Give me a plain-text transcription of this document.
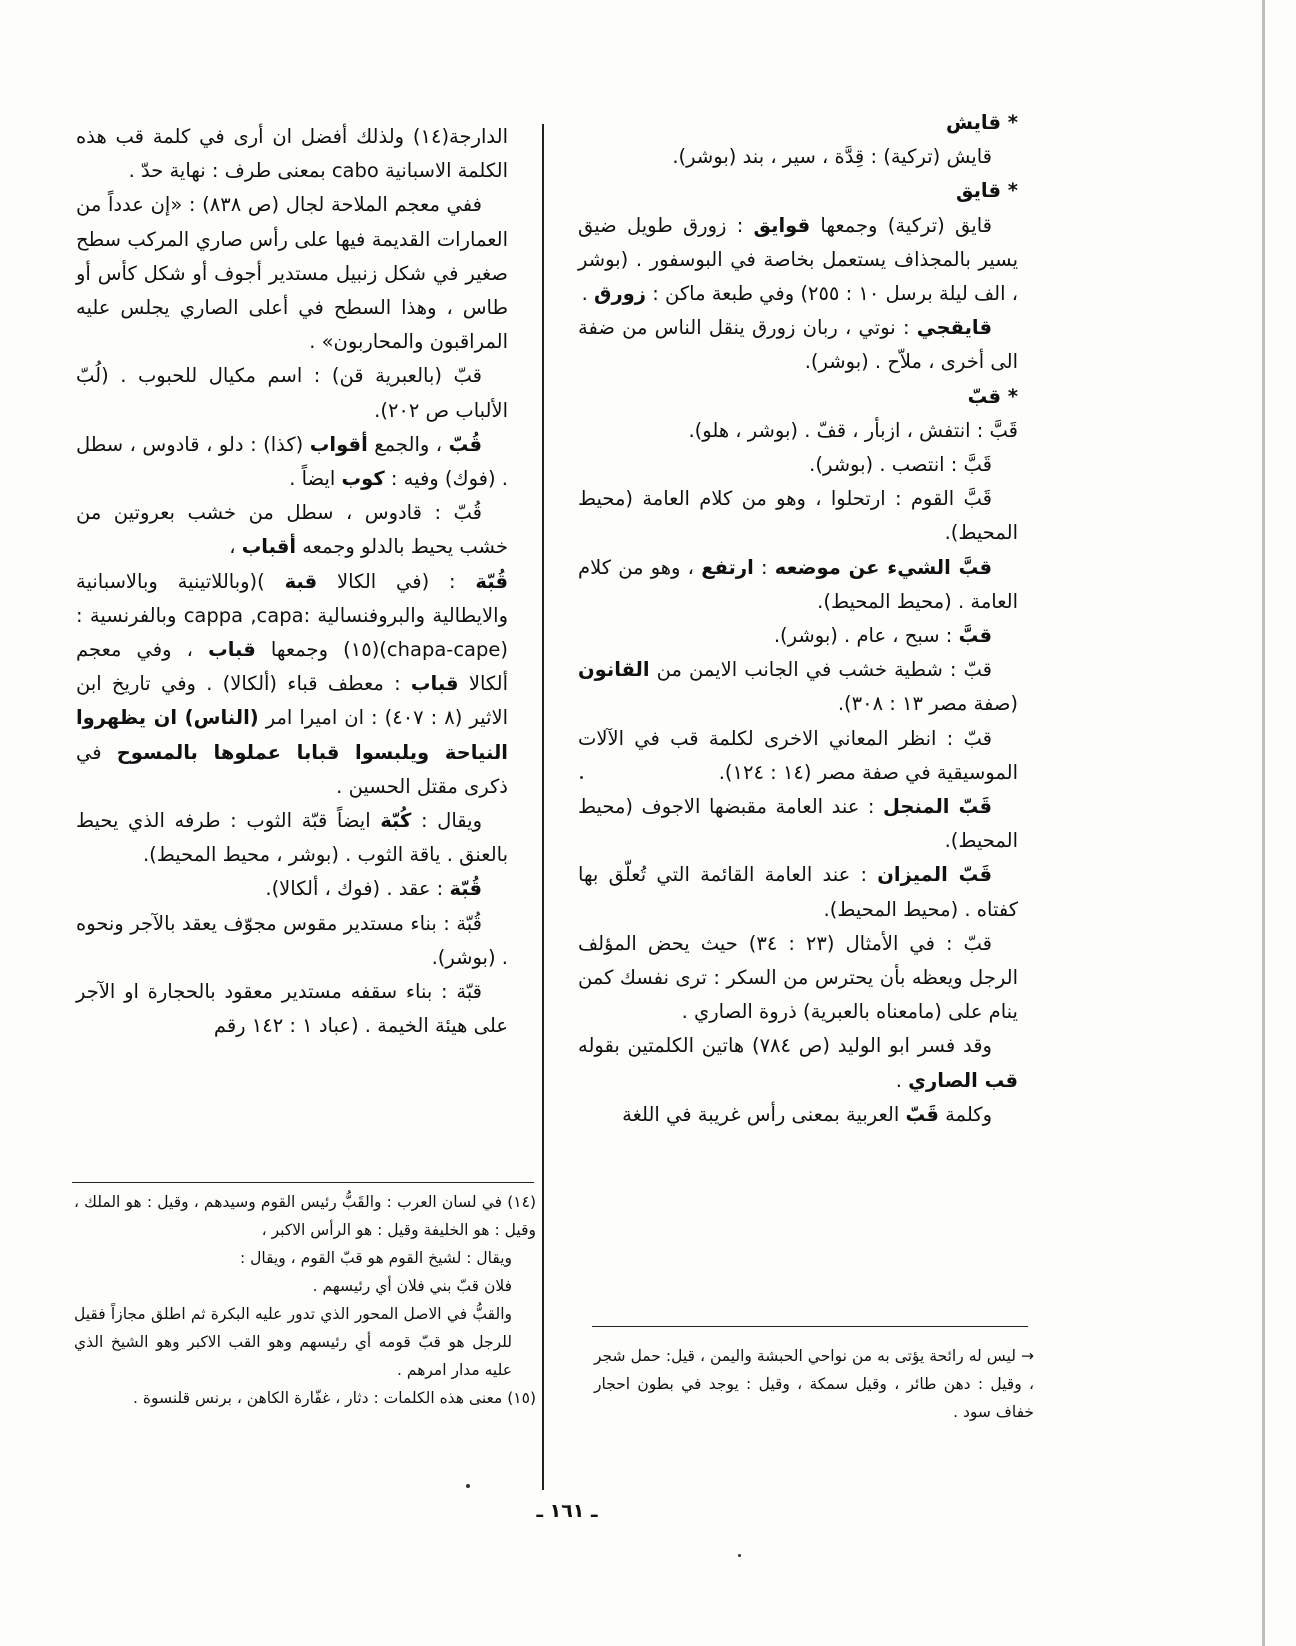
* قايش

قايش (تركية) : قِدَّة ، سير ، بند (بوشر).

* قايق

قايق (تركية) وجمعها قوايق : زورق طويل ضيق يسير بالمجذاف يستعمل بخاصة في البوسفور . (بوشر ، الف ليلة برسل ١٠ : ٢٥٥) وفي طبعة ماكن : زورق .

قايقجي : نوتي ، ربان زورق ينقل الناس من ضفة الى أخرى ، ملاّح . (بوشر).

* قبّ

قَبَّ : انتفش ، ازبأر ، قفّ . (بوشر ، هلو).

قَبَّ : انتصب . (بوشر).

قَبَّ القوم : ارتحلوا ، وهو من كلام العامة (محيط المحيط).

قبَّ الشيء عن موضعه : ارتفع ، وهو من كلام العامة . (محيط المحيط).

قبَّ : سبح ، عام . (بوشر).

قبّ : شطية خشب في الجانب الايمن من القانون (صفة مصر ١٣ : ٣٠٨).

قبّ : انظر المعاني الاخرى لكلمة قب في الآلات الموسيقية في صفة مصر (١٤ : ١٢٤).

قَبّ المنجل : عند العامة مقبضها الاجوف (محيط المحيط).

قَبّ الميزان : عند العامة القائمة التي تُعلّق بها كفتاه . (محيط المحيط).

قبّ : في الأمثال (٢٣ : ٣٤) حيث يحض المؤلف الرجل ويعظه بأن يحترس من السكر : ترى نفسك كمن ينام على (مامعناه بالعبرية) ذروة الصاري .

وقد فسر ابو الوليد (ص ٧٨٤) هاتين الكلمتين بقوله قب الصاري .

وكلمة قَبّ العربية بمعنى رأس غريبة في اللغة

الدارجة(١٤) ولذلك أفضل ان أرى في كلمة قب هذه الكلمة الاسبانية cabo بمعنى طرف : نهاية حدّ .

ففي معجم الملاحة لجال (ص ٨٣٨) : «إن عدداً من العمارات القديمة فيها على رأس صاري المركب سطح صغير في شكل زنبيل مستدير أجوف أو شكل كأس أو طاس ، وهذا السطح في أعلى الصاري يجلس عليه المراقبون والمحاربون» .

قبّ (بالعبرية قن) : اسم مكيال للحبوب . (لُبّ الألباب ص ٢٠٢).

قُبّ ، والجمع أقواب (كذا) : دلو ، قادوس ، سطل . (فوك) وفيه : كوب ايضاً .

قُبّ : قادوس ، سطل من خشب بعروتين من خشب يحيط بالدلو وجمعه أقباب ،

قُبّة : (في الكالا قبة )(وباللاتينية وبالاسبانية والايطالية والبروفنسالية :cappa ,capa وبالفرنسية : (chapa-cape)(١٥) وجمعها قباب ، وفي معجم ألكالا قباب : معطف قباء (ألكالا) . وفي تاريخ ابن الاثير (٨ : ٤٠٧) : ان اميرا امر (الناس) ان يظهروا النياحة ويلبسوا قبابا عملوها بالمسوح في ذكرى مقتل الحسين .

ويقال : كُبّة ايضاً قبّة الثوب : طرفه الذي يحيط بالعنق . ياقة الثوب . (بوشر ، محيط المحيط).

قُبّة : عقد . (فوك ، ألكالا).

قُبّة : بناء مستدير مقوس مجوّف يعقد بالآجر ونحوه . (بوشر).

قبّة : بناء سقفه مستدير معقود بالحجارة او الآجر على هيئة الخيمة . (عباد ١ : ١٤٢ رقم

(١٤) في لسان العرب : والقَبُّ رئيس القوم وسيدهم ، وقيل : هو الملك ، وقيل : هو الخليفة وقيل : هو الرأس الاكبر ،

ويقال : لشيخ القوم هو قبّ القوم ، ويقال :

فلان قبّ بني فلان أي رئيسهم .

والقبُّ في الاصل المحور الذي تدور عليه البكرة ثم اطلق مجازاً فقيل للرجل هو قبّ قومه أي رئيسهم وهو القب الاكبر وهو الشيخ الذي عليه مدار امرهم .

(١٥) معنى هذه الكلمات : دثار ، غفّارة الكاهن ، برنس قلنسوة .

→ ليس له رائحة يؤتى به من نواحي الحبشة واليمن ، قيل: حمل شجر ، وقيل : دهن طائر ، وقيل سمكة ، وقيل : يوجد في بطون احجار خفاف سود .

ـ ١٦١ ـ
